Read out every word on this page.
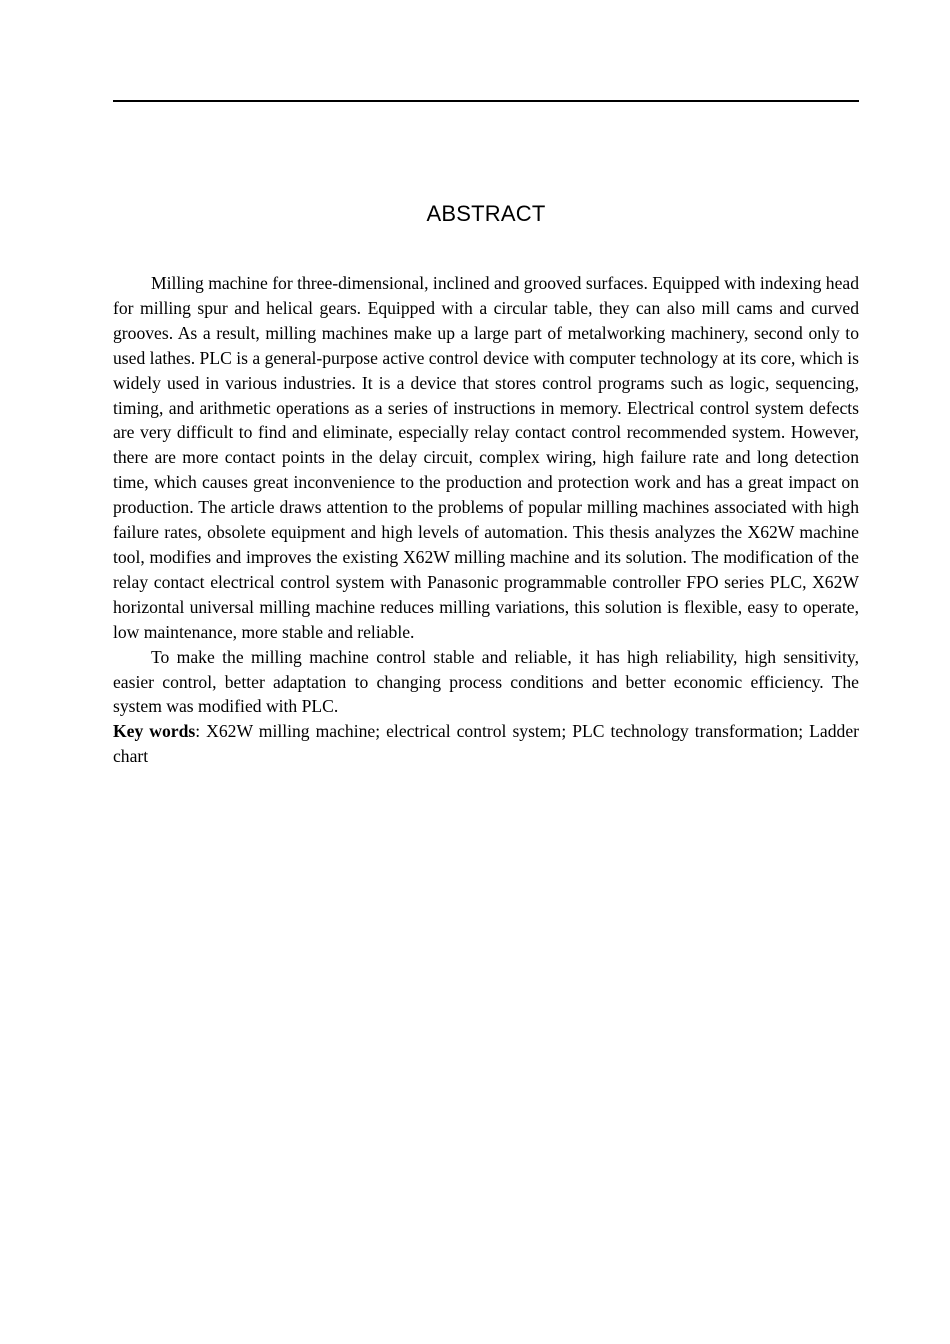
ABSTRACT

Milling machine for three-dimensional, inclined and grooved surfaces. Equipped with indexing head for milling spur and helical gears. Equipped with a circular table, they can also mill cams and curved grooves. As a result, milling machines make up a large part of metalworking machinery, second only to used lathes. PLC is a general-purpose active control device with computer technology at its core, which is widely used in various industries. It is a device that stores control programs such as logic, sequencing, timing, and arithmetic operations as a series of instructions in memory. Electrical control system defects are very difficult to find and eliminate, especially relay contact control recommended system. However, there are more contact points in the delay circuit, complex wiring, high failure rate and long detection time, which causes great inconvenience to the production and protection work and has a great impact on production. The article draws attention to the problems of popular milling machines associated with high failure rates, obsolete equipment and high levels of automation. This thesis analyzes the X62W machine tool, modifies and improves the existing X62W milling machine and its solution. The modification of the relay contact electrical control system with Panasonic programmable controller FPO series PLC, X62W horizontal universal milling machine reduces milling variations, this solution is flexible, easy to operate, low maintenance, more stable and reliable.

To make the milling machine control stable and reliable, it has high reliability, high sensitivity, easier control, better adaptation to changing process conditions and better economic efficiency. The system was modified with PLC.

Key words: X62W milling machine; electrical control system; PLC technology transformation; Ladder chart
